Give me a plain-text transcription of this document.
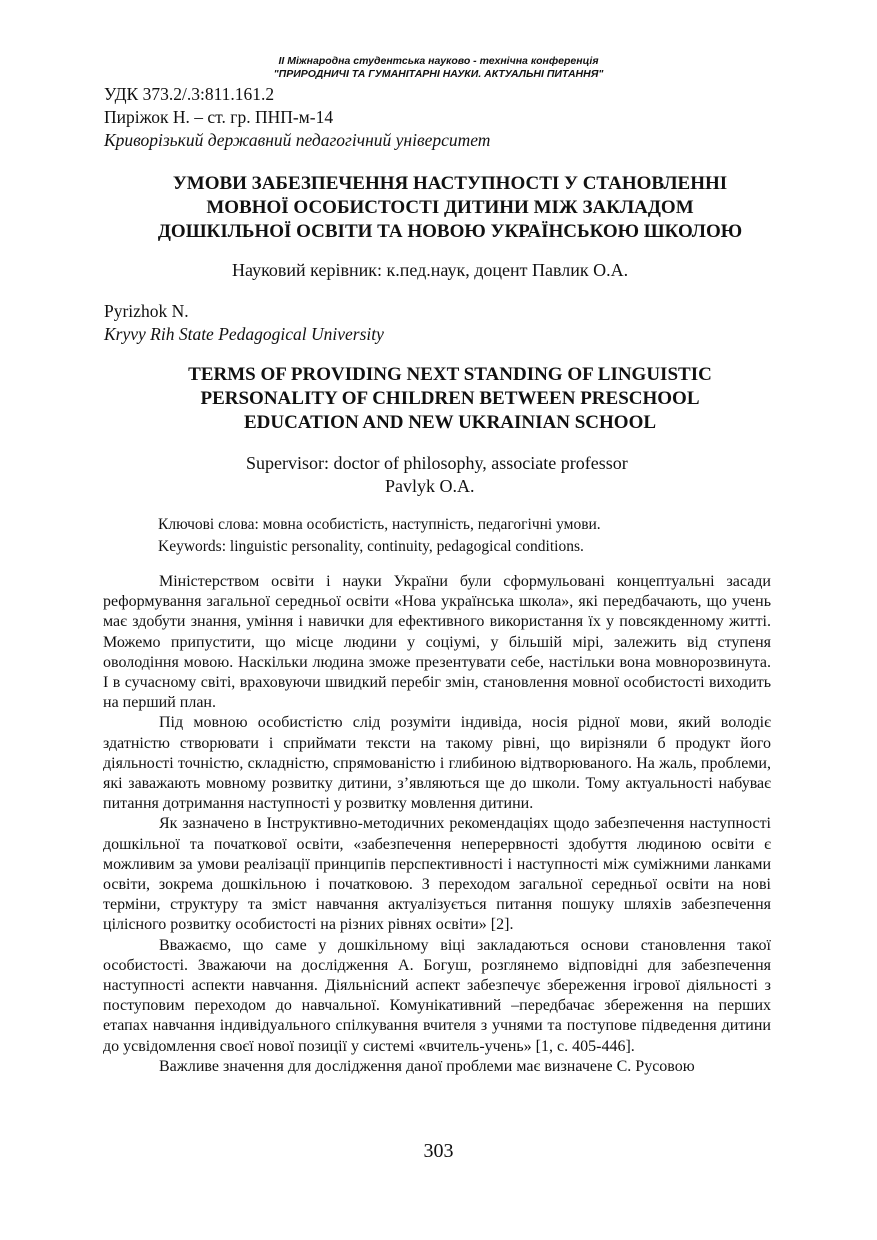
II Міжнародна студентська науково - технічна конференція
"ПРИРОДНИЧІ ТА ГУМАНІТАРНІ НАУКИ. АКТУАЛЬНІ ПИТАННЯ"
УДК 373.2/.3:811.161.2
Пиріжок Н. – ст. гр. ПНП-м-14
Криворізький державний педагогічний університет
УМОВИ ЗАБЕЗПЕЧЕННЯ НАСТУПНОСТІ У СТАНОВЛЕННІ
МОВНОЇ ОСОБИСТОСТІ ДИТИНИ МІЖ ЗАКЛАДОМ
ДОШКІЛЬНОЇ ОСВІТИ ТА НОВОЮ УКРАЇНСЬКОЮ ШКОЛОЮ
Науковий керівник: к.пед.наук, доцент Павлик О.А.
Pyrizhok N.
Kryvy Rih State Pedagogical University
TERMS OF PROVIDING NEXT STANDING OF LINGUISTIC
PERSONALITY OF CHILDREN BETWEEN PRESCHOOL
EDUCATION AND NEW UKRAINIAN SCHOOL
Supervisor: doctor of philosophy, associate professor
Pavlyk O.A.
Ключові слова: мовна особистість, наступність, педагогічні умови.
Keywords: linguistic personality, continuity, pedagogical conditions.

Міністерством освіти і науки України були сформульовані концептуальні засади реформування загальної середньої освіти «Нова українська школа», які передбачають, що учень має здобути знання, уміння і навички для ефективного використання їх у повсякденному житті. Можемо припустити, що місце людини у соціумі, у більшій мірі, залежить від ступеня оволодіння мовою. Наскільки людина зможе презентувати себе, настільки вона мовнорозвинута. І в сучасному світі, враховуючи швидкий перебіг змін, становлення мовної особистості виходить на перший план.

Під мовною особистістю слід розуміти індивіда, носія рідної мови, який володіє здатністю створювати і сприймати тексти на такому рівні, що вирізняли б продукт його діяльності точністю, складністю, спрямованістю і глибиною відтворюваного. На жаль, проблеми, які заважають мовному розвитку дитини, з’являються ще до школи. Тому актуальності набуває питання дотримання наступності у розвитку мовлення дитини.

Як зазначено в Інструктивно-методичних рекомендаціях щодо забезпечення наступності дошкільної та початкової освіти, «забезпечення неперервності здобуття людиною освіти є можливим за умови реалізації принципів перспективності і наступності між суміжними ланками освіти, зокрема дошкільною і початковою. З переходом загальної середньої освіти на нові терміни, структуру та зміст навчання актуалізується питання пошуку шляхів забезпечення цілісного розвитку особистості на різних рівнях освіти» [2].

Вважаємо, що саме у дошкільному віці закладаються основи становлення такої особистості. Зважаючи на дослідження А. Богуш, розглянемо відповідні для забезпечення наступності аспекти навчання. Діяльнісний аспект забезпечує збереження ігрової діяльності з поступовим переходом до навчальної. Комунікативний –передбачає збереження на перших етапах навчання індивідуального спілкування вчителя з учнями та поступове підведення дитини до усвідомлення своєї нової позиції у системі «вчитель-учень» [1, с. 405-446].

Важливе значення для дослідження даної проблеми має визначене С. Русовою

303
